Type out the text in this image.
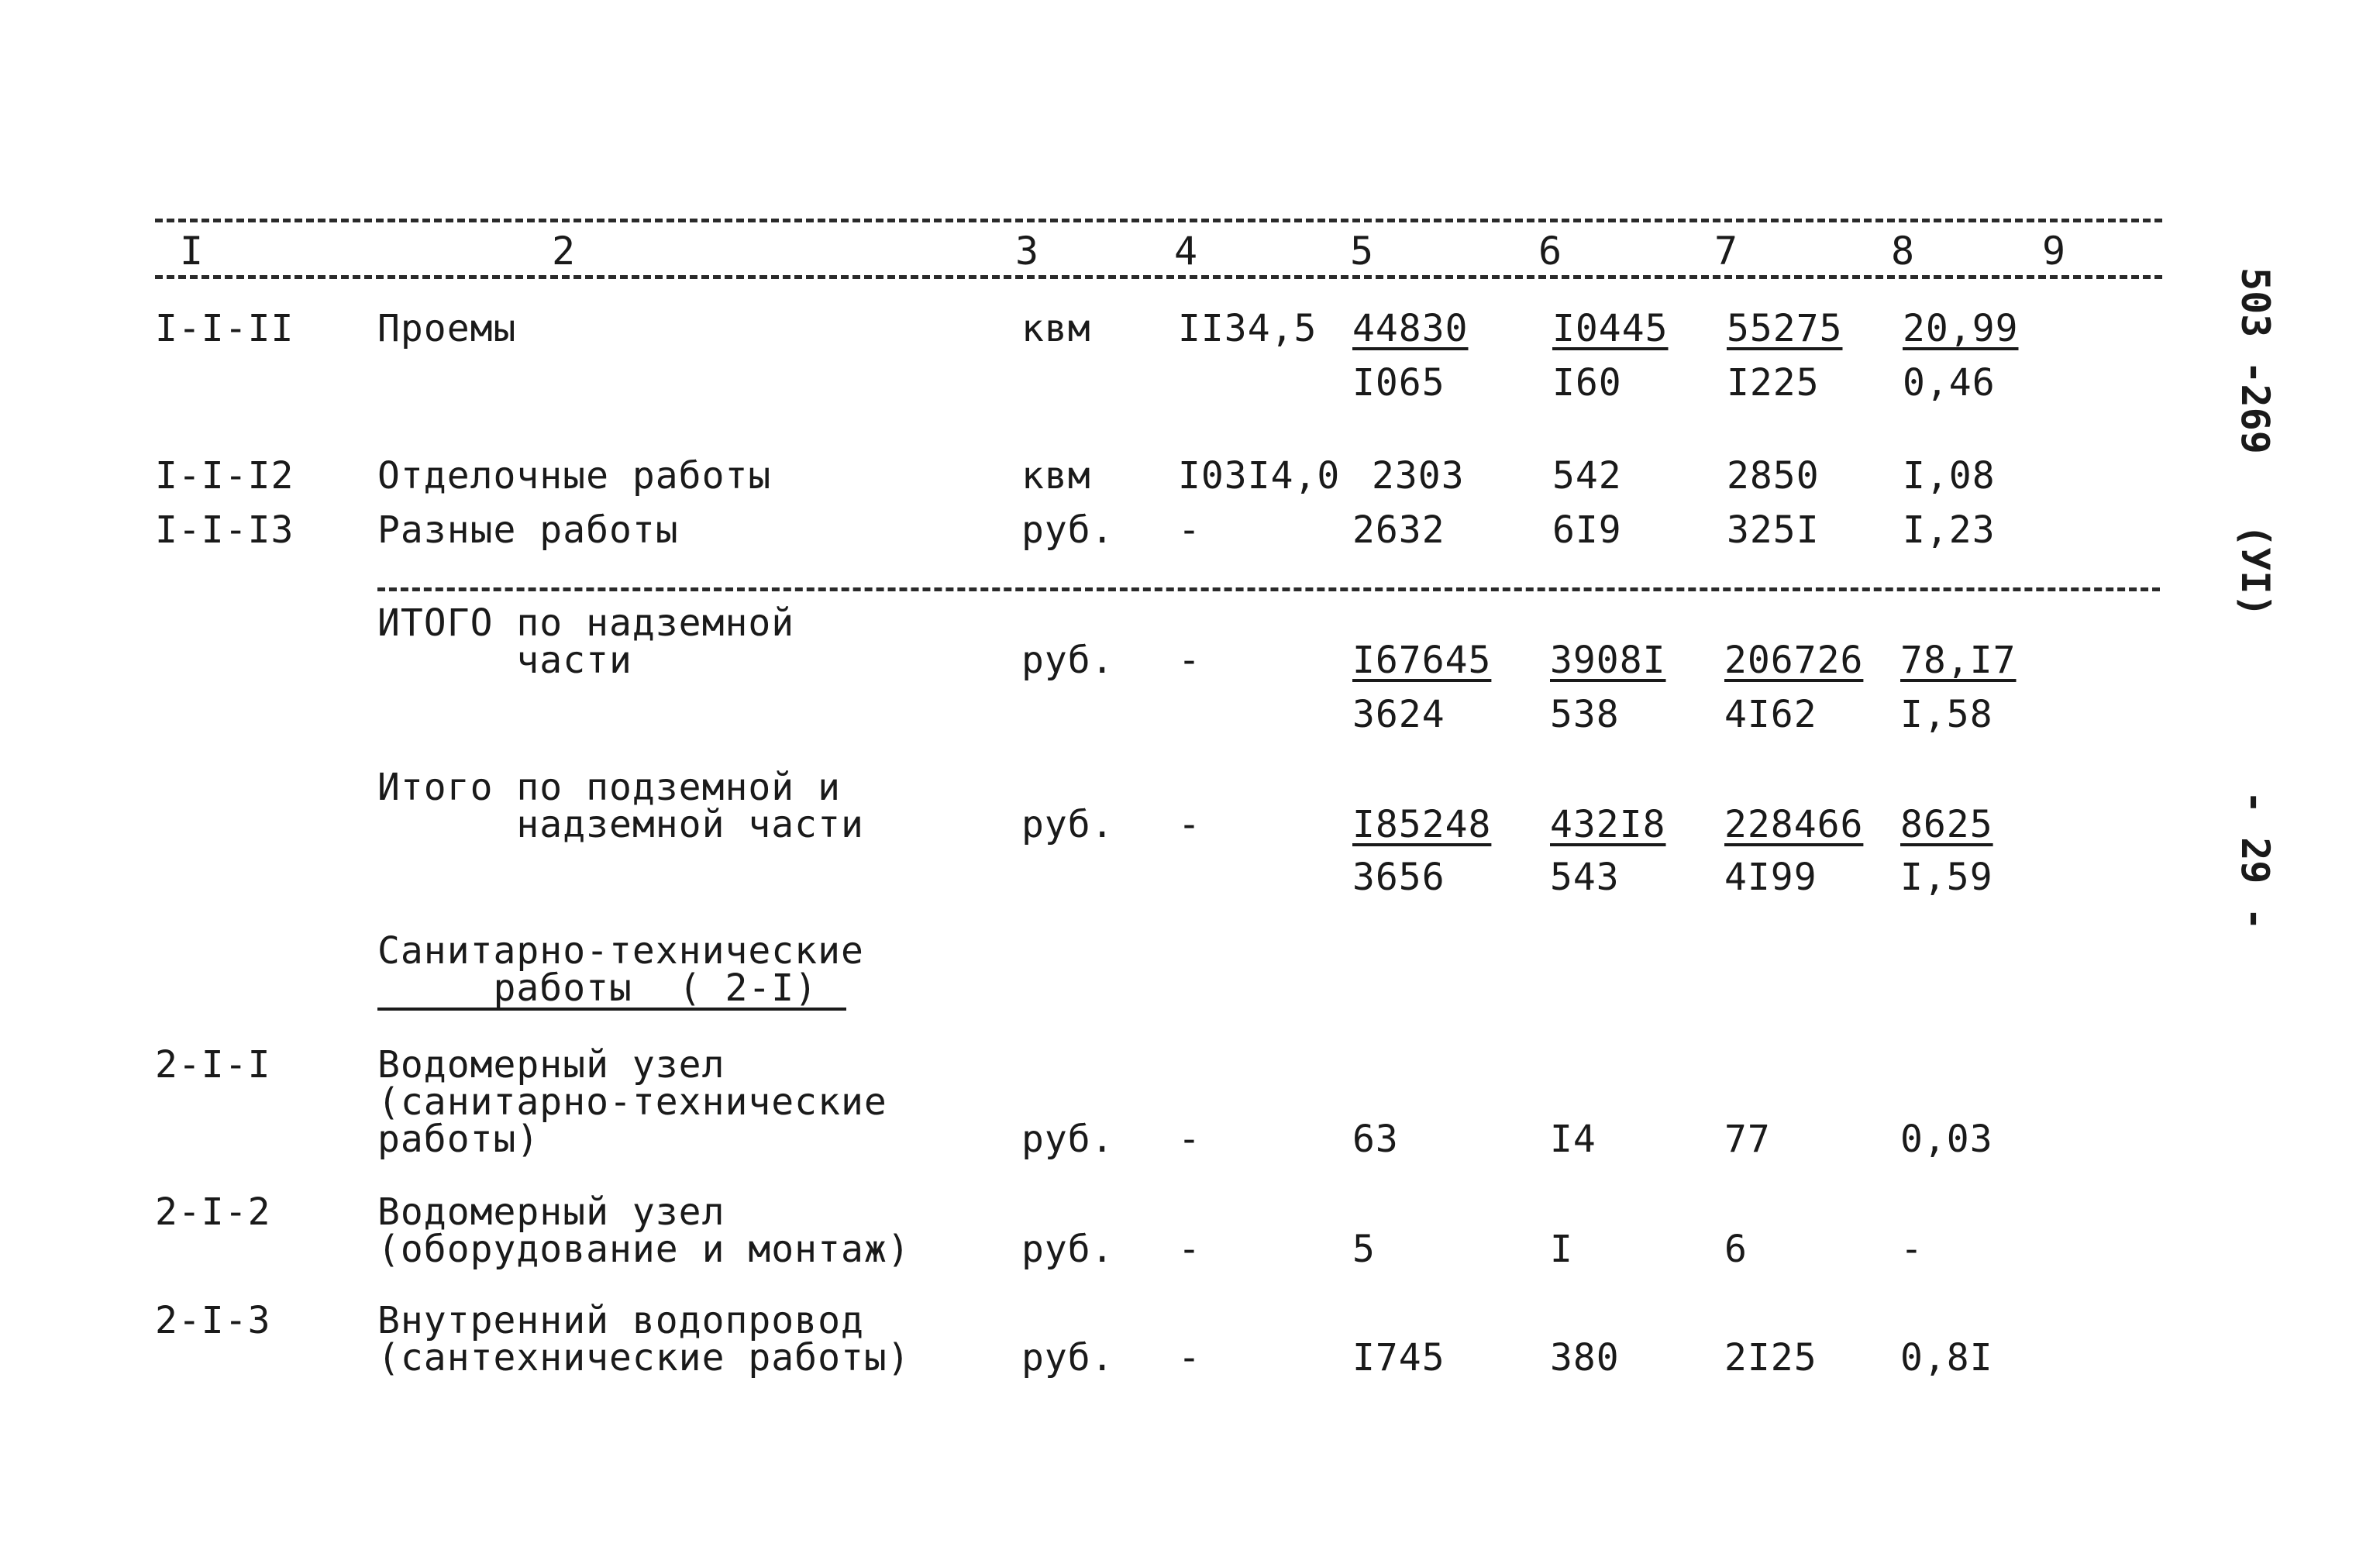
I	2	3	4	5	6	7	8	9
I-I-II Проемы	квм II34,5 44830 I0445 55275 20,99
I065	I60	I225 0,46
I-I-I2 Отделочные работы	квм I03I4,0 2303 542	2850 I,08
I-I-I3 Разные работы	руб. -	2632	6I9	325I I,23
ИТОГО по надземной
части	руб. -	I67645 3908I 206726 78,I7
3624	538	4I62 I,58
Итого по подземной и
надземной части	руб. -	I85248 432I8 228466 8625
3656	543	4I99 I,59
Санитарно-технические
работы  ( 2-I)
2-I-I	Водомерный узел
(санитарно-технические
работы)	руб. -	63	I4	77	0,03
2-I-2	Водомерный узел
(оборудование и монтаж)	руб. -	5	I	6	-
2-I-3	Внутренний водопровод
(сантехнические работы)	руб. -	I745	380	2I25 0,8I
503 -269   (УI)
- 29 -
